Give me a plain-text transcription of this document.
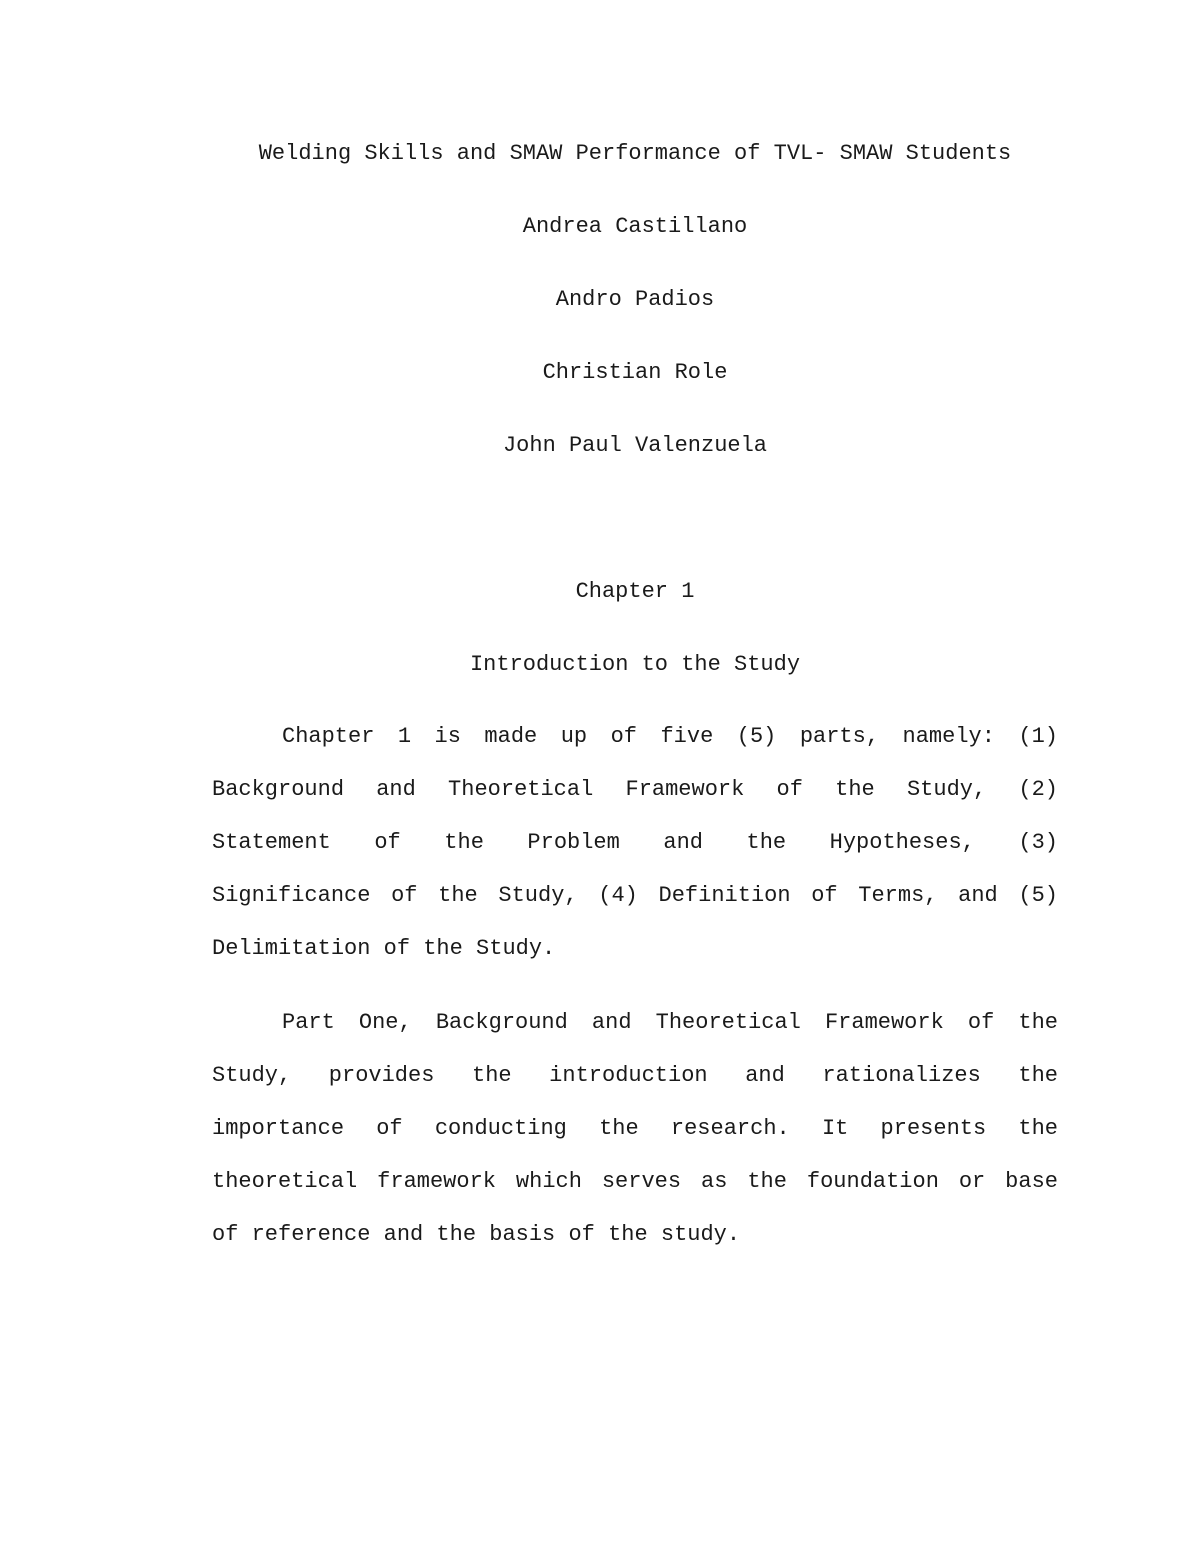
Welding Skills and SMAW Performance of TVL- SMAW Students
Andrea Castillano
Andro Padios
Christian Role
John Paul Valenzuela
Chapter 1
Introduction to the Study
Chapter 1 is made up of five (5) parts, namely: (1)
Background and Theoretical Framework of the Study, (2)
Statement of the Problem and the Hypotheses, (3)
Significance of the Study, (4) Definition of Terms, and (5)
Delimitation of the Study.
Part One, Background and Theoretical Framework of the
Study, provides the introduction and rationalizes the
importance of conducting the research. It presents the
theoretical framework which serves as the foundation or base
of reference and the basis of the study.
